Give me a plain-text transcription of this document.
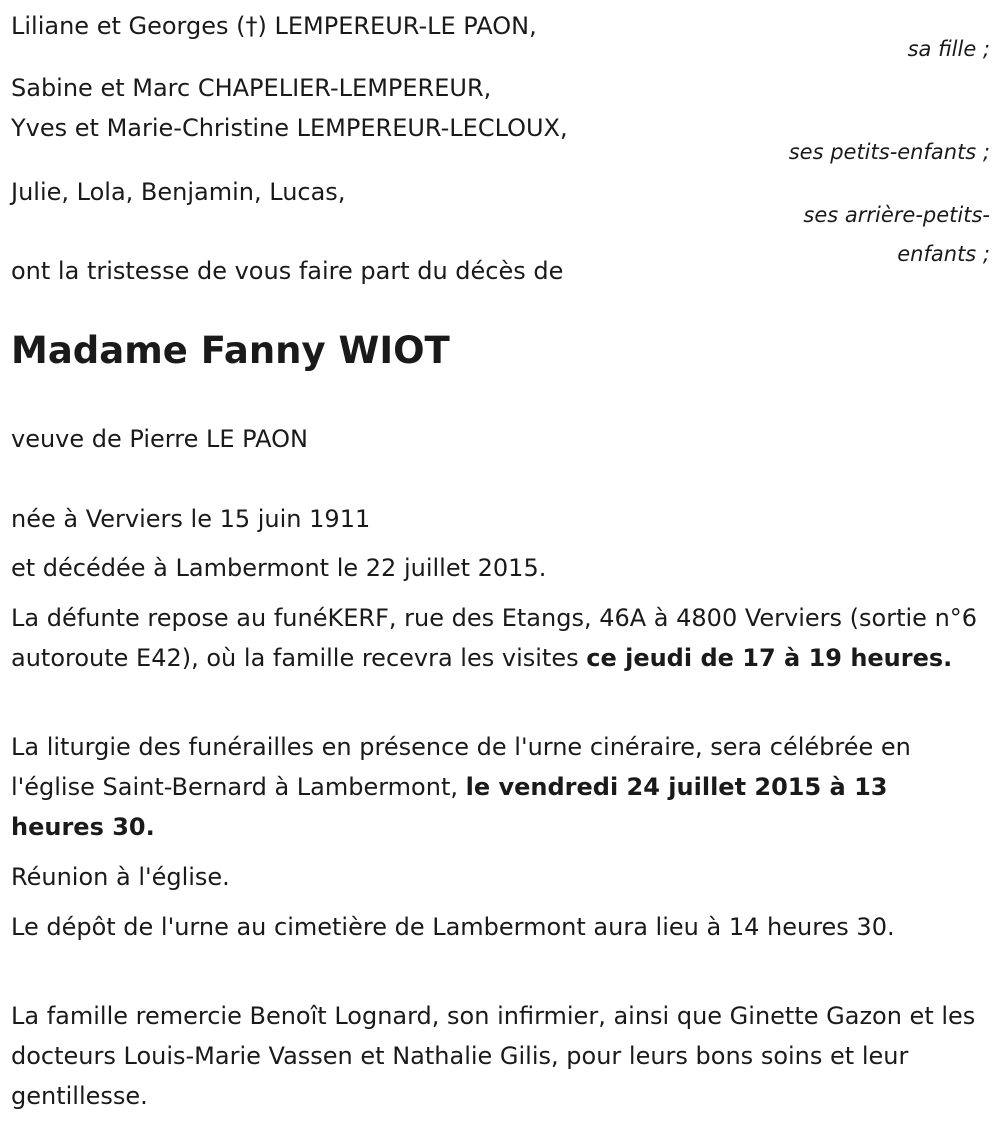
Liliane et Georges (†) LEMPEREUR-LE PAON,
sa fille ;
Sabine et Marc CHAPELIER-LEMPEREUR,
Yves et Marie-Christine LEMPEREUR-LECLOUX,
ses petits-enfants ;
Julie, Lola, Benjamin, Lucas,
ses arrière-petits-
enfants ;
ont la tristesse de vous faire part du décès de
Madame Fanny WIOT
veuve de Pierre LE PAON
née à Verviers le 15 juin 1911
et décédée à Lambermont le 22 juillet 2015.
La défunte repose au funéKERF, rue des Etangs, 46A à 4800 Verviers (sortie n°6 autoroute E42), où la famille recevra les visites ce jeudi de 17 à 19 heures.
La liturgie des funérailles en présence de l'urne cinéraire, sera célébrée en l'église Saint-Bernard à Lambermont, le vendredi 24 juillet 2015 à 13 heures 30.
Réunion à l'église.
Le dépôt de l'urne au cimetière de Lambermont aura lieu à 14 heures 30.
La famille remercie Benoît Lognard, son infirmier, ainsi que Ginette Gazon et les docteurs Louis-Marie Vassen et Nathalie Gilis, pour leurs bons soins et leur gentillesse.
